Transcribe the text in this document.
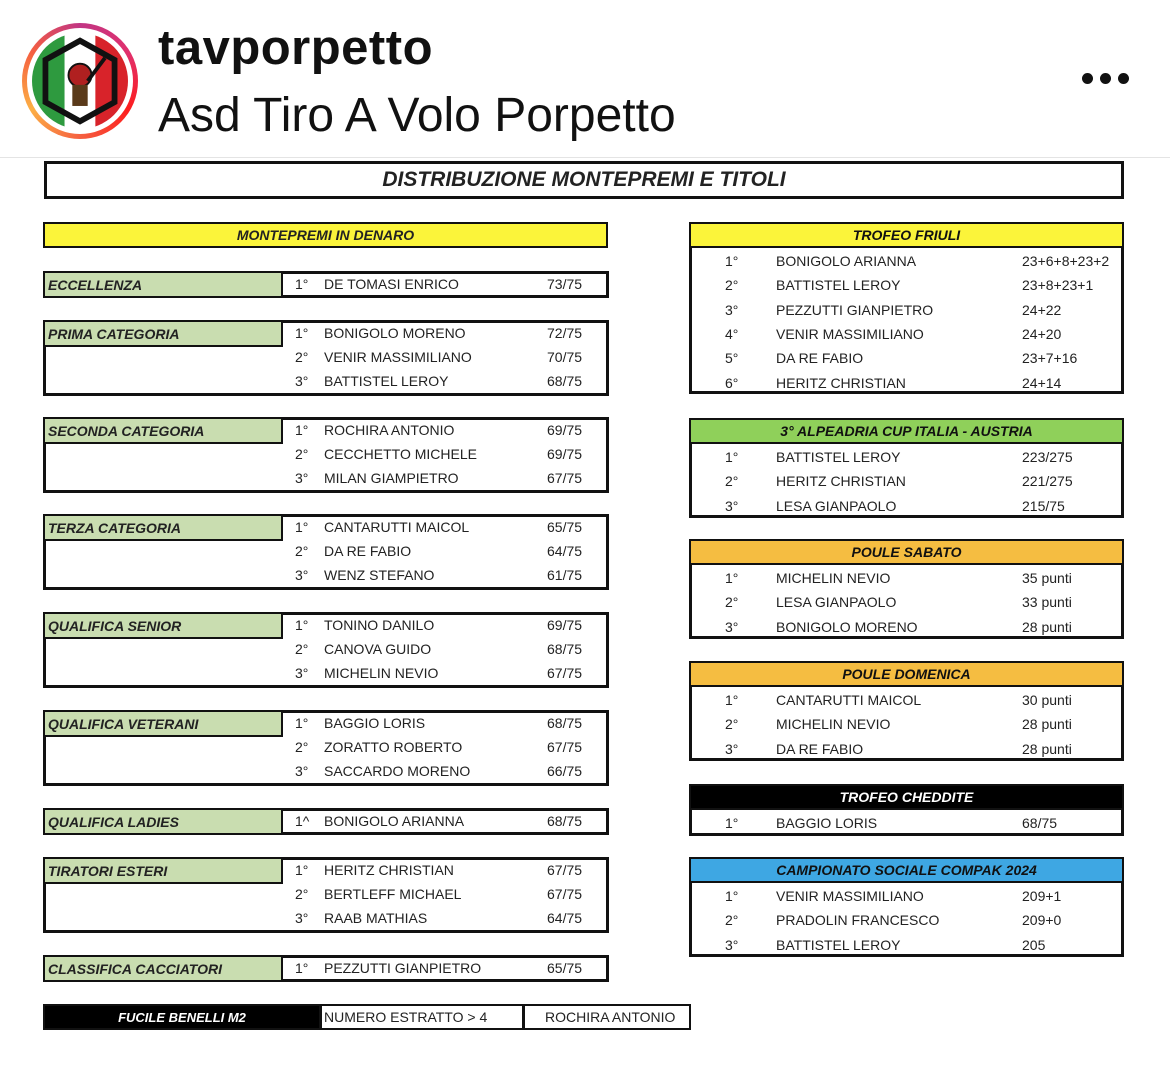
tavporpetto
Asd Tiro A Volo Porpetto
DISTRIBUZIONE MONTEPREMI E TITOLI
MONTEPREMI IN DENARO
ECCELLENZA	1° DE TOMASI ENRICO	73/75
PRIMA CATEGORIA	1° BONIGOLO MORENO	72/75
2° VENIR MASSIMILIANO	70/75
3° BATTISTEL LEROY	68/75
SECONDA CATEGORIA	1° ROCHIRA ANTONIO	69/75
2° CECCHETTO MICHELE	69/75
3° MILAN GIAMPIETRO	67/75
TERZA CATEGORIA	1° CANTARUTTI MAICOL	65/75
2° DA RE FABIO	64/75
3° WENZ STEFANO	61/75
QUALIFICA SENIOR	1° TONINO DANILO	69/75
2° CANOVA GUIDO	68/75
3° MICHELIN NEVIO	67/75
QUALIFICA VETERANI	1° BAGGIO LORIS	68/75
2° ZORATTO ROBERTO	67/75
3° SACCARDO MORENO	66/75
QUALIFICA LADIES	1^ BONIGOLO ARIANNA	68/75
TIRATORI ESTERI	1° HERITZ CHRISTIAN	67/75
2° BERTLEFF MICHAEL	67/75
3° RAAB MATHIAS	64/75
CLASSIFICA CACCIATORI	1° PEZZUTTI GIANPIETRO	65/75
FUCILE BENELLI M2	NUMERO ESTRATTO > 4	ROCHIRA ANTONIO
TROFEO FRIULI
1°	BONIGOLO ARIANNA	23+6+8+23+2
2°	BATTISTEL LEROY	23+8+23+1
3°	PEZZUTTI GIANPIETRO	24+22
4°	VENIR MASSIMILIANO	24+20
5°	DA RE FABIO	23+7+16
6°	HERITZ CHRISTIAN	24+14
3° ALPEADRIA CUP ITALIA - AUSTRIA
1°	BATTISTEL LEROY	223/275
2°	HERITZ CHRISTIAN	221/275
3°	LESA GIANPAOLO	215/75
POULE SABATO
1°	MICHELIN NEVIO	35 punti
2°	LESA GIANPAOLO	33 punti
3°	BONIGOLO MORENO	28 punti
POULE DOMENICA
1°	CANTARUTTI MAICOL	30 punti
2°	MICHELIN NEVIO	28 punti
3°	DA RE FABIO	28 punti
TROFEO CHEDDITE
1°	BAGGIO LORIS	68/75
CAMPIONATO SOCIALE COMPAK 2024
1°	VENIR MASSIMILIANO	209+1
2°	PRADOLIN FRANCESCO	209+0
3°	BATTISTEL LEROY	205
